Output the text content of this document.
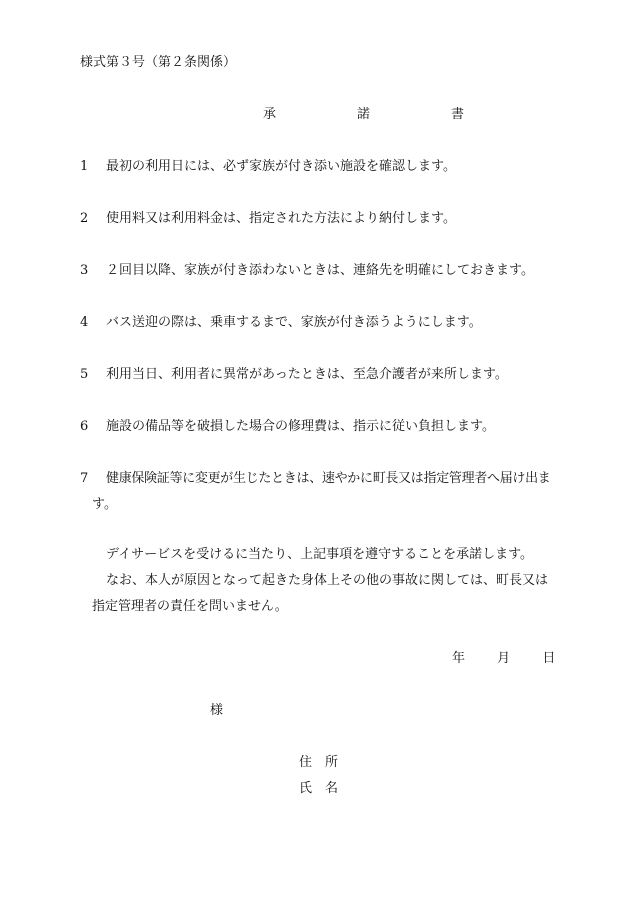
様式第３号（第２条関係）
承　諾　書
1	最初の利用日には、必ず家族が付き添い施設を確認します。
2	使用料又は利用料金は、指定された方法により納付します。
3	２回目以降、家族が付き添わないときは、連絡先を明確にしておきます。
4	バス送迎の際は、乗車するまで、家族が付き添うようにします。
5	利用当日、利用者に異常があったときは、至急介護者が来所します。
6	施設の備品等を破損した場合の修理費は、指示に従い負担します。
7	健康保険証等に変更が生じたときは、速やかに町長又は指定管理者へ届け出ま
す。
デイサービスを受けるに当たり、上記事項を遵守することを承諾します。
なお、本人が原因となって起きた身体上その他の事故に関しては、町長又は
指定管理者の責任を問いません。
年 月 日
様
住　所
氏　名
